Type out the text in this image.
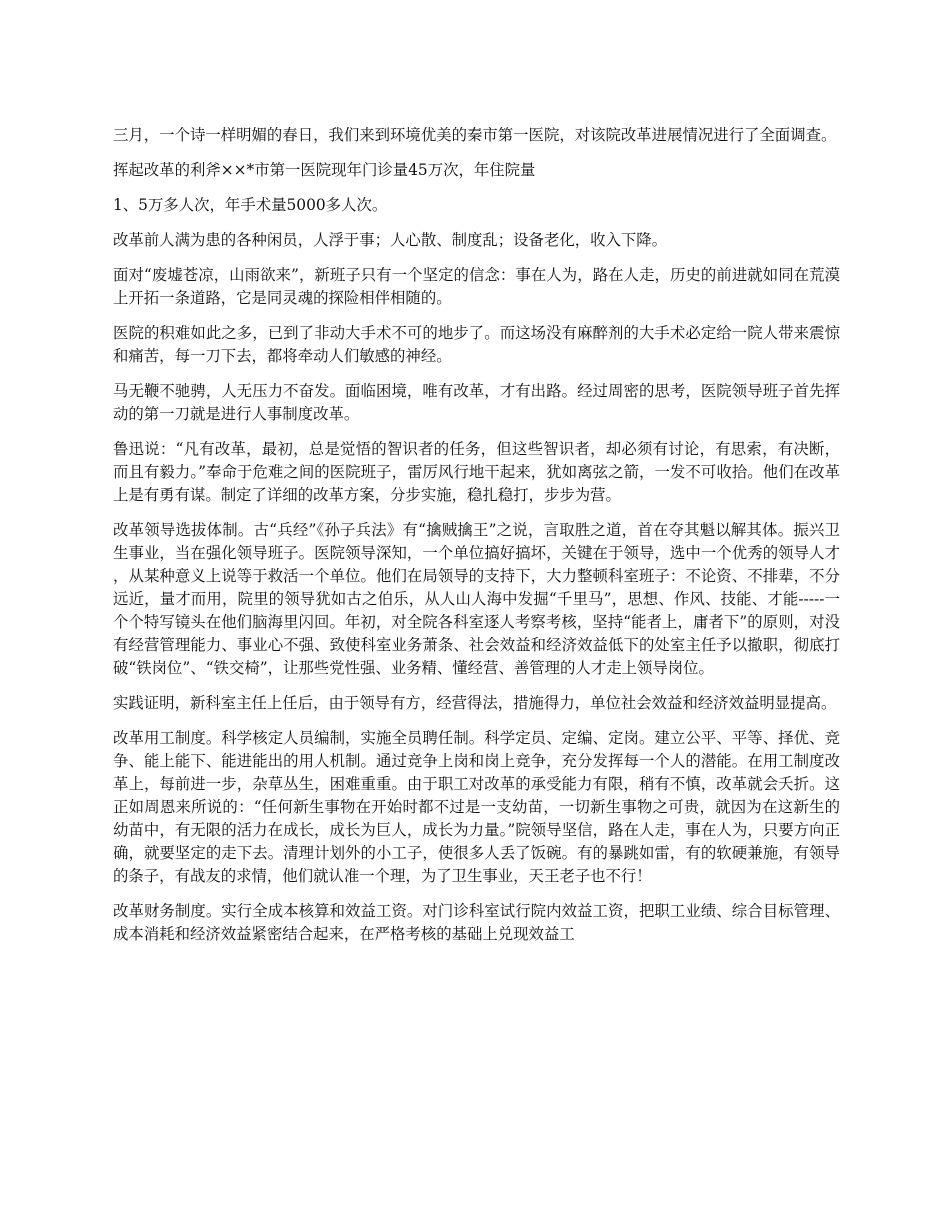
三月，一个诗一样明媚的春日，我们来到环境优美的秦市第一医院，对该院改革进展情况进行了全面调查。

挥起改革的利斧××*市第一医院现年门诊量45万次，年住院量

1、5万多人次，年手术量5000多人次。

改革前人满为患的各种闲员，人浮于事；人心散、制度乱；设备老化，收入下降。

面对“废墟苍凉，山雨欲来”，新班子只有一个坚定的信念：事在人为，路在人走，历史的前进就如同在荒漠上开拓一条道路，它是同灵魂的探险相伴相随的。

医院的积难如此之多，已到了非动大手术不可的地步了。而这场没有麻醉剂的大手术必定给一院人带来震惊和痛苦，每一刀下去，都将牵动人们敏感的神经。

马无鞭不驰骋，人无压力不奋发。面临困境，唯有改革，才有出路。经过周密的思考，医院领导班子首先挥动的第一刀就是进行人事制度改革。

鲁迅说：“凡有改革，最初，总是觉悟的智识者的任务，但这些智识者，却必须有讨论，有思索，有决断，而且有毅力。”奉命于危难之间的医院班子，雷厉风行地干起来，犹如离弦之箭，一发不可收拾。他们在改革上是有勇有谋。制定了详细的改革方案，分步实施，稳扎稳打，步步为营。

改革领导选拔体制。古“兵经”《孙子兵法》有“擒贼擒王”之说，言取胜之道，首在夺其魁以解其体。振兴卫生事业，当在强化领导班子。医院领导深知，一个单位搞好搞坏，关键在于领导，选中一个优秀的领导人才，从某种意义上说等于救活一个单位。他们在局领导的支持下，大力整顿科室班子：不论资、不排辈，不分远近，量才而用，院里的领导犹如古之伯乐，从人山人海中发掘“千里马”，思想、作风、技能、才能-----一个个特写镜头在他们脑海里闪回。年初，对全院各科室逐人考察考核，坚持“能者上，庸者下”的原则，对没有经营管理能力、事业心不强、致使科室业务萧条、社会效益和经济效益低下的处室主任予以撤职，彻底打破“铁岗位”、“铁交椅”，让那些党性强、业务精、懂经营、善管理的人才走上领导岗位。

实践证明，新科室主任上任后，由于领导有方，经营得法，措施得力，单位社会效益和经济效益明显提高。

改革用工制度。科学核定人员编制，实施全员聘任制。科学定员、定编、定岗。建立公平、平等、择优、竞争、能上能下、能进能出的用人机制。通过竞争上岗和岗上竞争，充分发挥每一个人的潜能。在用工制度改革上，每前进一步，杂草丛生，困难重重。由于职工对改革的承受能力有限，稍有不慎，改革就会夭折。这正如周恩来所说的：“任何新生事物在开始时都不过是一支幼苗，一切新生事物之可贵，就因为在这新生的幼苗中，有无限的活力在成长，成长为巨人，成长为力量。”院领导坚信，路在人走，事在人为，只要方向正确，就要坚定的走下去。清理计划外的小工子，使很多人丢了饭碗。有的暴跳如雷，有的软硬兼施，有领导的条子，有战友的求情，他们就认准一个理，为了卫生事业，天王老子也不行！

改革财务制度。实行全成本核算和效益工资。对门诊科室试行院内效益工资，把职工业绩、综合目标管理、成本消耗和经济效益紧密结合起来，在严格考核的基础上兑现效益工
